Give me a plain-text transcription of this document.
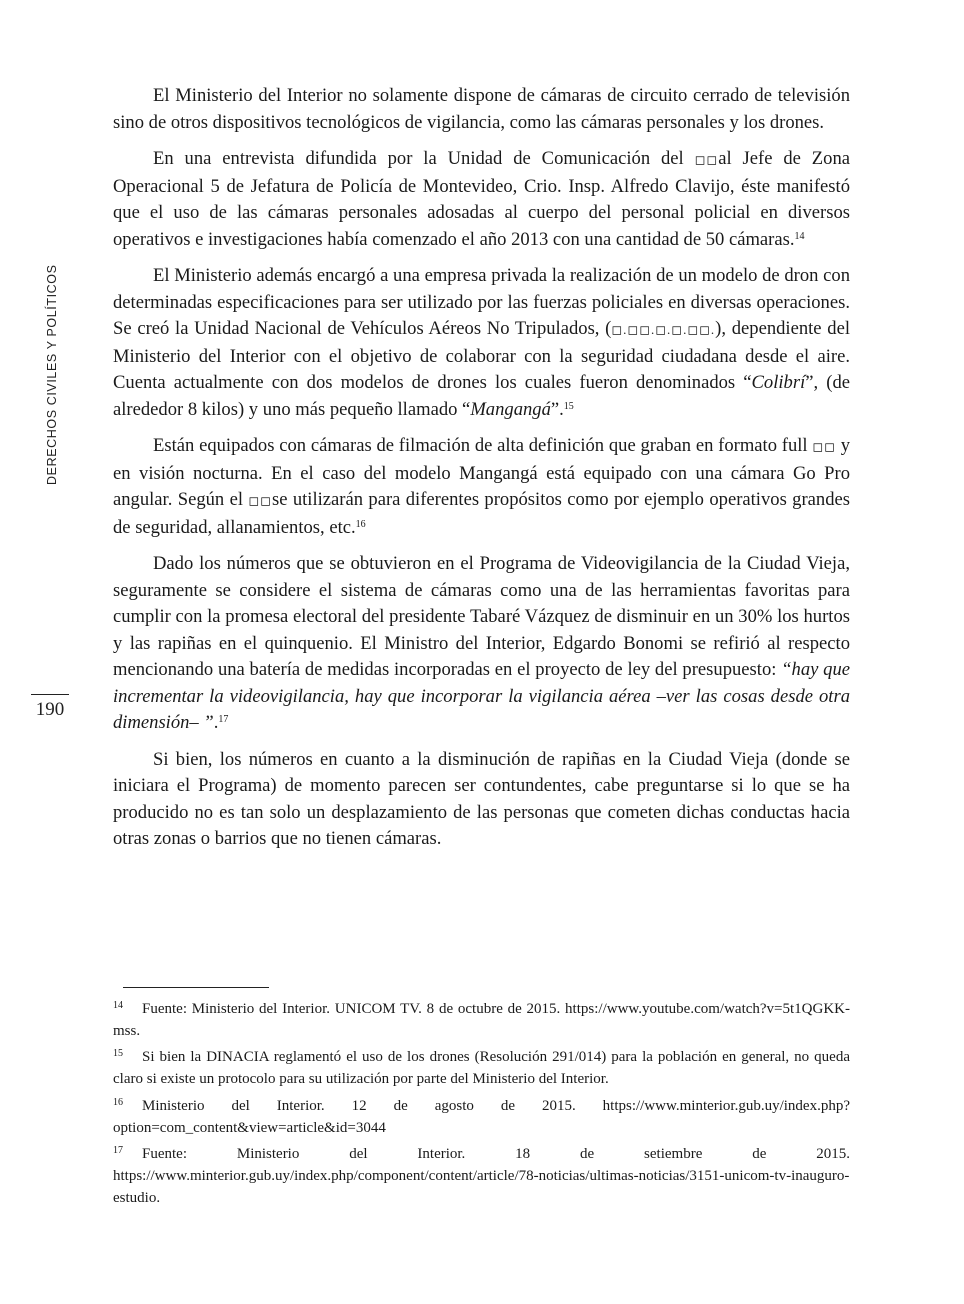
DERECHOS CIVILES Y POLÍTICOS
190

El Ministerio del Interior no solamente dispone de cámaras de circuito cerrado de televisión sino de otros dispositivos tecnológicos de vigilancia, como las cámaras personales y los drones.

En una entrevista difundida por la Unidad de Comunicación del ◻◻al Jefe de Zona Operacional 5 de Jefatura de Policía de Montevideo, Crio. Insp. Alfredo Clavijo, éste manifestó que el uso de las cámaras personales adosadas al cuerpo del personal policial en diversos operativos e investigaciones había comenzado el año 2013 con una cantidad de 50 cámaras.$^{14}$

El Ministerio además encargó a una empresa privada la realización de un modelo de dron con determinadas especificaciones para ser utilizado por las fuerzas policiales en diversas operaciones. Se creó la Unidad Nacional de Vehículos Aéreos No Tripulados, (◻.◻◻.◻.◻.◻◻.), dependiente del Ministerio del Interior con el objetivo de colaborar con la seguridad ciudadana desde el aire. Cuenta actualmente con dos modelos de drones los cuales fueron denominados “Colibrí”, (de alrededor 8 kilos) y uno más pequeño llamado “Mangangá”.$^{15}$

Están equipados con cámaras de filmación de alta definición que graban en formato full ◻◻ y en visión nocturna. En el caso del modelo Mangangá está equipado con una cámara Go Pro angular. Según el ◻◻se utilizarán para diferentes propósitos como por ejemplo operativos grandes de seguridad, allanamientos, etc.$^{16}$

Dado los números que se obtuvieron en el Programa de Videovigilancia de la Ciudad Vieja, seguramente se considere el sistema de cámaras como una de las herramientas favoritas para cumplir con la promesa electoral del presidente Tabaré Vázquez de disminuir en un 30% los hurtos y las rapiñas en el quinquenio. El Ministro del Interior, Edgardo Bonomi se refirió al respecto mencionando una batería de medidas incorporadas en el proyecto de ley del presupuesto: “hay que incrementar la videovigilancia, hay que incorporar la vigilancia aérea –ver las cosas desde otra dimensión– ”.$^{17}$

Si bien, los números en cuanto a la disminución de rapiñas en la Ciudad Vieja (donde se iniciara el Programa) de momento parecen ser contundentes, cabe preguntarse si lo que se ha producido no es tan solo un desplazamiento de las personas que cometen dichas conductas hacia otras zonas o barrios que no tienen cámaras.

14 Fuente: Ministerio del Interior. UNICOM TV. 8 de octubre de 2015. https://www.youtube.com/watch?v=5t1QGKK-mss.
15 Si bien la DINACIA reglamentó el uso de los drones (Resolución 291/014) para la población en general, no queda claro si existe un protocolo para su utilización por parte del Ministerio del Interior.
16 Ministerio del Interior. 12 de agosto de 2015. https://www.minterior.gub.uy/index.php?option=com_content&view=article&id=3044
17 Fuente: Ministerio del Interior. 18 de setiembre de 2015. https://www.minterior.gub.uy/index.php/component/content/article/78-noticias/ultimas-noticias/3151-unicom-tv-inauguro-estudio.
